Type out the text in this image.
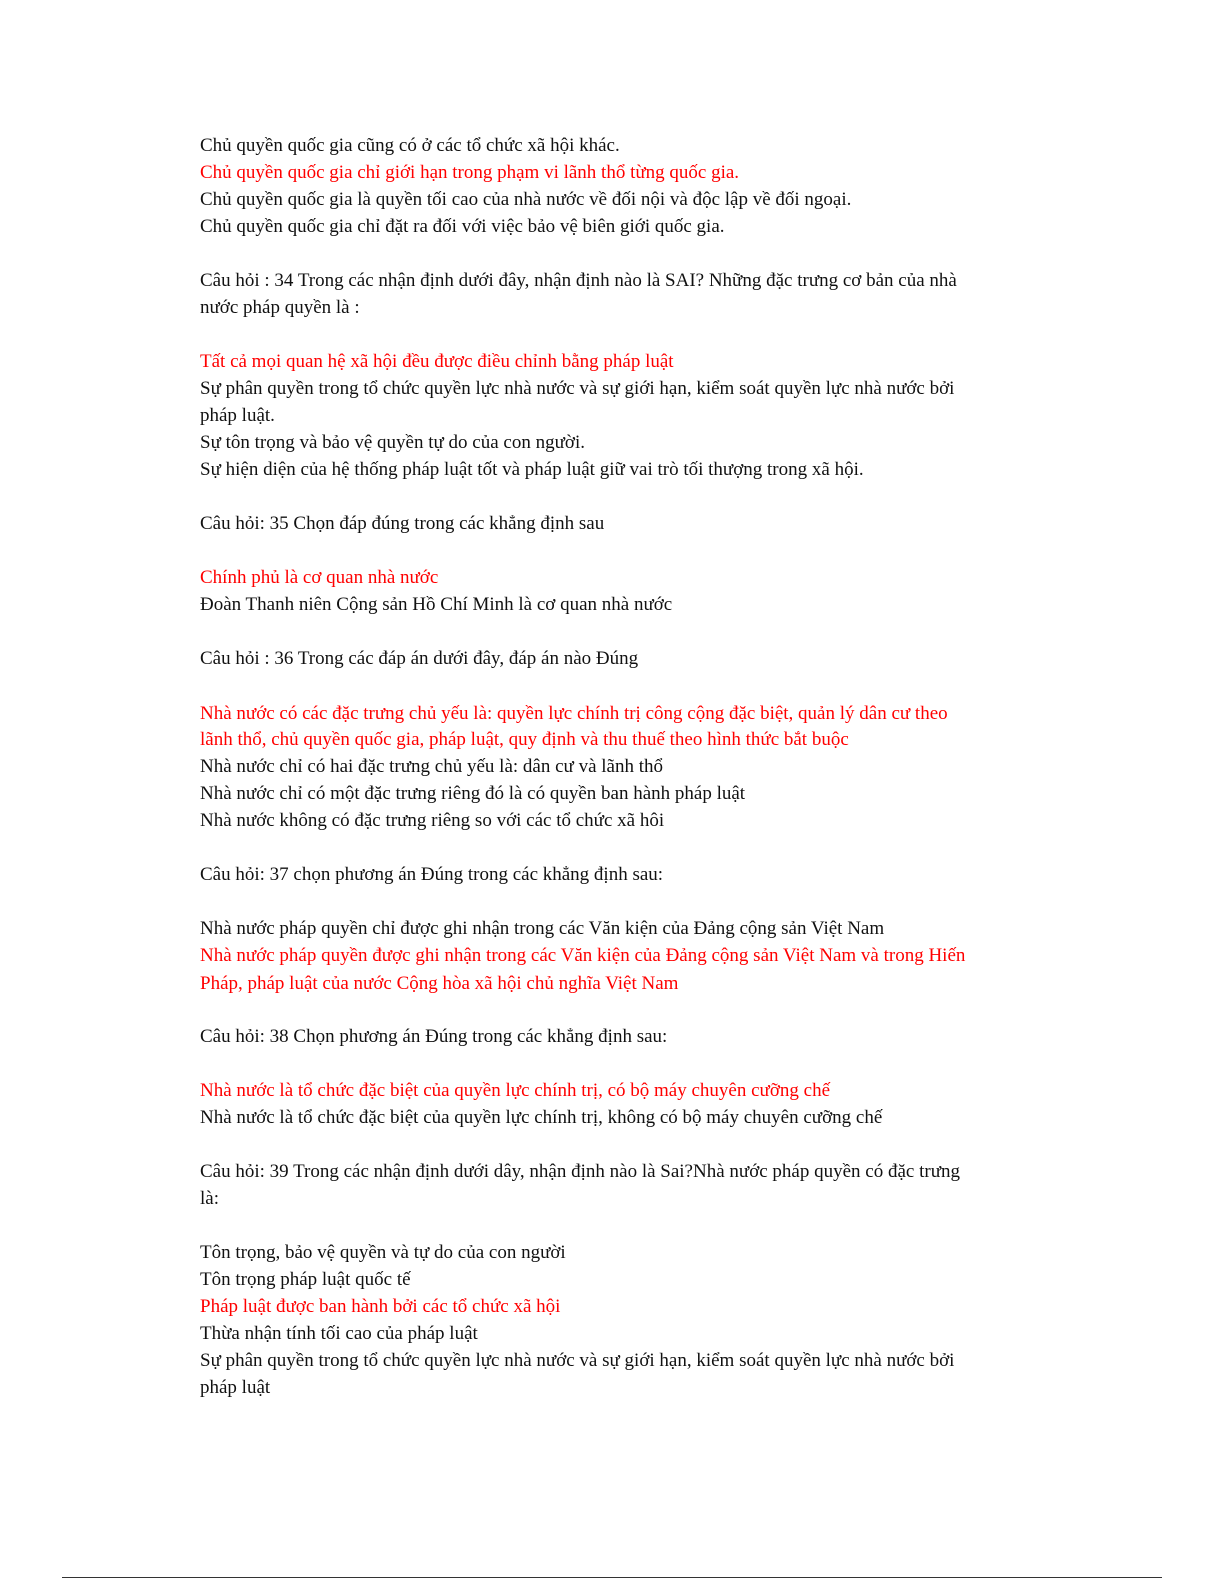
Chủ quyền quốc gia cũng có ở các tổ chức xã hội khác.
Chủ quyền quốc gia chỉ giới hạn trong phạm vi lãnh thổ từng quốc gia.
Chủ quyền quốc gia là quyền tối cao của nhà nước về đối nội và độc lập về đối ngoại.
Chủ quyền quốc gia chỉ đặt ra đối với việc bảo vệ biên giới quốc gia.
Câu hỏi : 34 Trong các nhận định dưới đây, nhận định nào là SAI? Những đặc trưng cơ bản của nhà
nước pháp quyền là :
Tất cả mọi quan hệ xã hội đều được điều chỉnh bằng pháp luật
Sự phân quyền trong tổ chức quyền lực nhà nước và sự giới hạn, kiểm soát quyền lực nhà nước bởi
pháp luật.
Sự tôn trọng và bảo vệ quyền tự do của con người.
Sự hiện diện của hệ thống pháp luật tốt và pháp luật giữ vai trò tối thượng trong xã hội.
Câu hỏi: 35 Chọn đáp đúng trong các khẳng định sau
Chính phủ là cơ quan nhà nước
Đoàn Thanh niên Cộng sản Hồ Chí Minh là cơ quan nhà nước
Câu hỏi : 36 Trong các đáp án dưới đây, đáp án nào Đúng
Nhà nước có các đặc trưng chủ yếu là: quyền lực chính trị công cộng đặc biệt, quản lý dân cư theo
lãnh thổ, chủ quyền quốc gia, pháp luật, quy định và thu thuế theo hình thức bắt buộc
Nhà nước chỉ có hai đặc trưng chủ yếu là: dân cư và lãnh thổ
Nhà nước chỉ có một đặc trưng riêng đó là có quyền ban hành pháp luật
Nhà nước không có đặc trưng riêng so với các tổ chức xã hôi
Câu hỏi: 37 chọn phương án Đúng trong các khẳng định sau:
Nhà nước pháp quyền chỉ được ghi nhận trong các Văn kiện của Đảng cộng sản Việt Nam
Nhà nước pháp quyền được ghi nhận trong các Văn kiện của Đảng cộng sản Việt Nam và trong Hiến
Pháp, pháp luật của nước Cộng hòa xã hội chủ nghĩa Việt Nam
Câu hỏi: 38 Chọn phương án Đúng trong các khẳng định sau:
Nhà nước là tổ chức đặc biệt của quyền lực chính trị, có bộ máy chuyên cưỡng chế
Nhà nước là tổ chức đặc biệt của quyền lực chính trị, không có bộ máy chuyên cưỡng chế
Câu hỏi: 39 Trong các nhận định dưới dây, nhận định nào là Sai?Nhà nước pháp quyền có đặc trưng
là:
Tôn trọng, bảo vệ quyền và tự do của con người
Tôn trọng pháp luật quốc tế
Pháp luật được ban hành bởi các tổ chức xã hội
Thừa nhận tính tối cao của pháp luật
Sự phân quyền trong tổ chức quyền lực nhà nước và sự giới hạn, kiểm soát quyền lực nhà nước bởi
pháp luật
